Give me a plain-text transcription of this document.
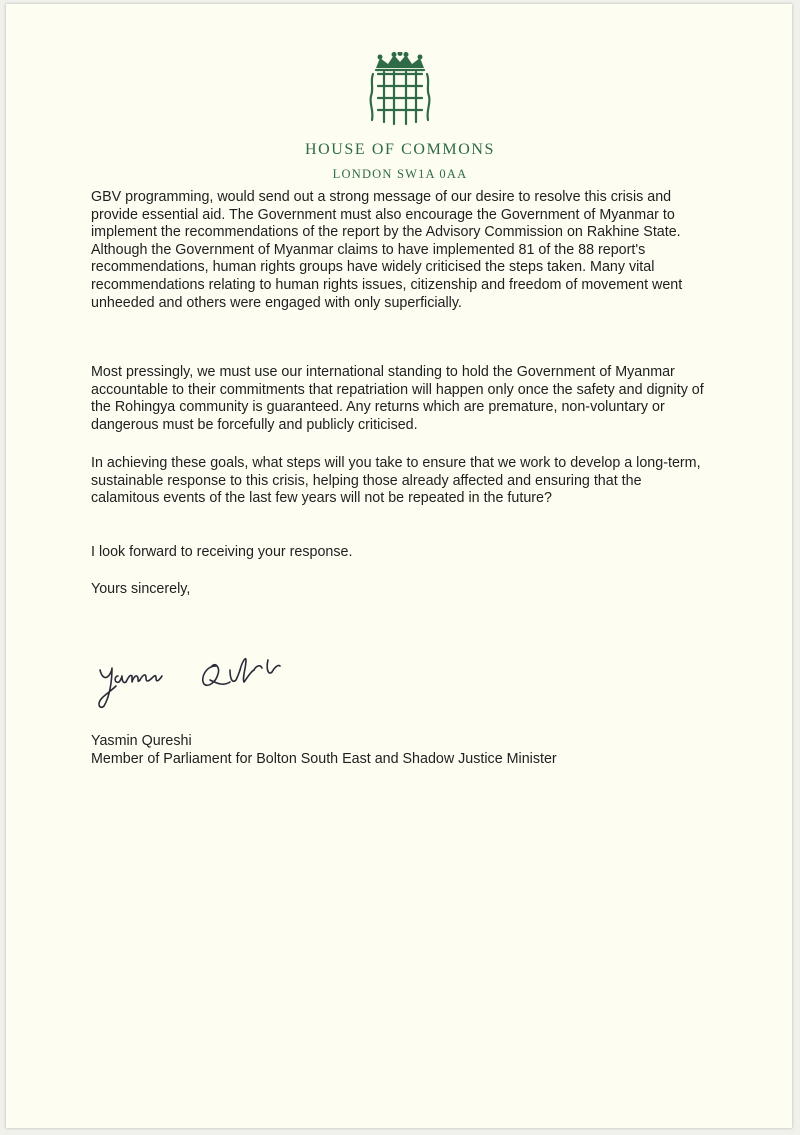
HOUSE OF COMMONS
LONDON SW1A 0AA

GBV programming, would send out a strong message of our desire to resolve this crisis and provide essential aid. The Government must also encourage the Government of Myanmar to implement the recommendations of the report by the Advisory Commission on Rakhine State. Although the Government of Myanmar claims to have implemented 81 of the 88 report's recommendations, human rights groups have widely criticised the steps taken. Many vital recommendations relating to human rights issues, citizenship and freedom of movement went unheeded and others were engaged with only superficially.

Most pressingly, we must use our international standing to hold the Government of Myanmar accountable to their commitments that repatriation will happen only once the safety and dignity of the Rohingya community is guaranteed. Any returns which are premature, non-voluntary or dangerous must be forcefully and publicly criticised.

In achieving these goals, what steps will you take to ensure that we work to develop a long-term, sustainable response to this crisis, helping those already affected and ensuring that the calamitous events of the last few years will not be repeated in the future?

I look forward to receiving your response.

Yours sincerely,

Yasmin Qureshi

Member of Parliament for Bolton South East and Shadow Justice Minister
